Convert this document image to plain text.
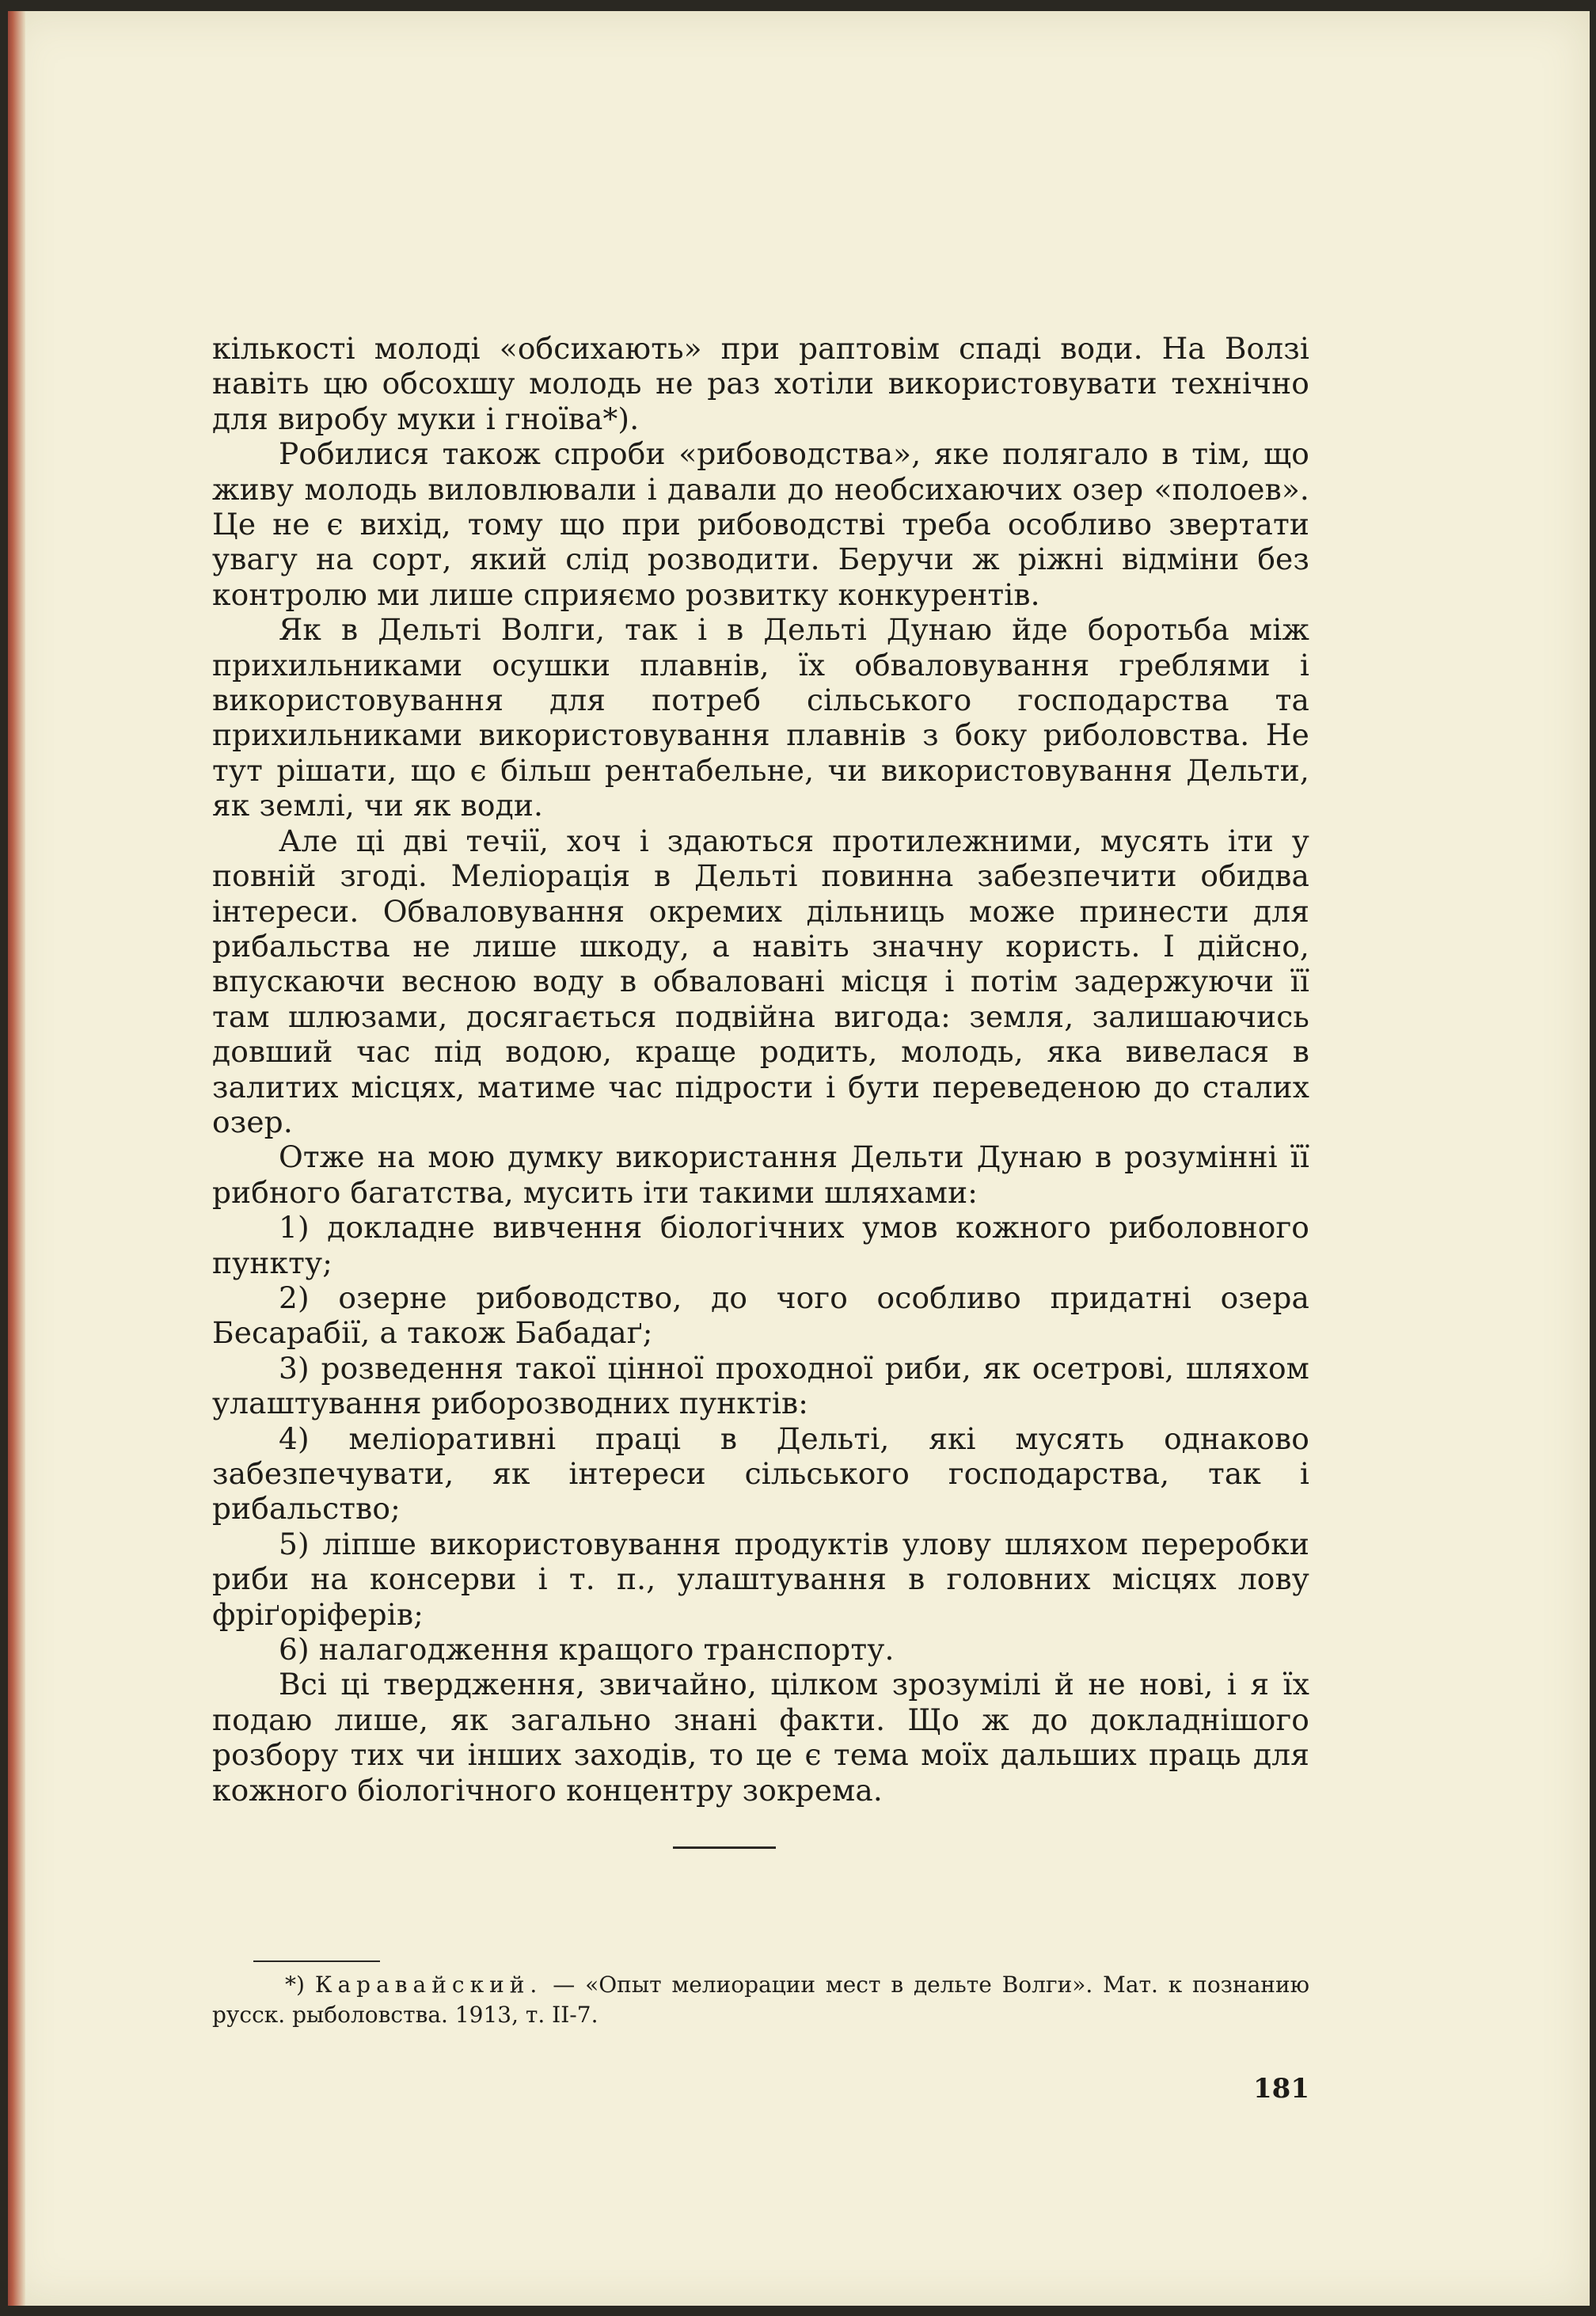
кількості молоді «обсихають» при раптовім спаді води. На Волзі навіть цю обсохшу молодь не раз хотіли використовувати технічно для виробу муки і гноїва*).

Робилися також спроби «рибоводства», яке полягало в тім, що живу молодь виловлювали і давали до необсихаючих озер «полоев». Це не є вихід, тому що при рибоводстві треба особливо звертати увагу на сорт, який слід розводити. Беручи ж ріжні відміни без контролю ми лише сприяємо розвитку конкурентів.

Як в Дельті Волги, так і в Дельті Дунаю йде боротьба між прихильниками осушки плавнів, їх обваловування греблями і використовування для потреб сільського господарства та прихильниками використовування плавнів з боку риболовства. Не тут рішати, що є більш рентабельне, чи використовування Дельти, як землі, чи як води.

Але ці дві течії, хоч і здаються протилежними, мусять іти у повній згоді. Меліорація в Дельті повинна забезпечити обидва інтереси. Обваловування окремих дільниць може принести для рибальства не лише шкоду, а навіть значну користь. І дійсно, впускаючи весною воду в обваловані місця і потім задержуючи її там шлюзами, досягається подвійна вигода: земля, залишаючись довший час під водою, краще родить, молодь, яка вивелася в залитих місцях, матиме час підрости і бути переведеною до сталих озер.

Отже на мою думку використання Дельти Дунаю в розумінні її рибного багатства, мусить іти такими шляхами:

1) докладне вивчення біологічних умов кожного риболовного пункту;

2) озерне рибоводство, до чого особливо придатні озера Бесарабії, а також Бабадаґ;

3) розведення такої цінної проходної риби, як осетрові, шляхом улаштування риборозводних пунктів:

4) меліоративні праці в Дельті, які мусять однаково забезпечувати, як інтереси сільського господарства, так і рибальство;

5) ліпше використовування продуктів улову шляхом переробки риби на консерви і т. п., улаштування в головних місцях лову фріґоріферів;

6) налагодження кращого транспорту.

Всі ці твердження, звичайно, цілком зрозумілі й не нові, і я їх подаю лише, як загально знані факти. Що ж до докладнішого розбору тих чи інших заходів, то це є тема моїх дальших праць для кожного біологічного концентру зокрема.

*) Каравайский. — «Опыт мелиорации мест в дельте Волги». Мат. к познанию русск. рыболовства. 1913, т. II-7.
181
